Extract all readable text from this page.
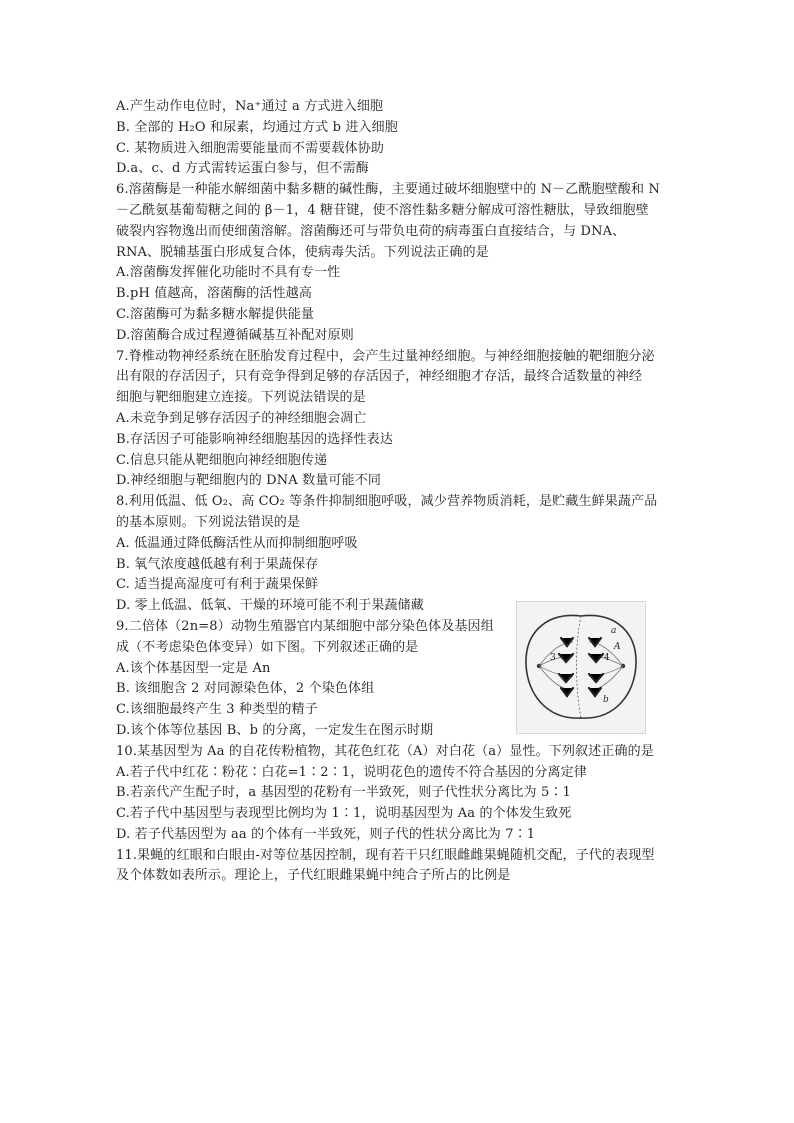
A.产生动作电位时，Na⁺通过 a 方式进入细胞
B. 全部的 H₂O 和尿素，均通过方式 b 进入细胞
C. 某物质进入细胞需要能量而不需要载体协助
D.a、c、d 方式需转运蛋白参与，但不需酶
6.溶菌酶是一种能水解细菌中黏多糖的碱性酶，主要通过破坏细胞壁中的 N－乙酰胞壁酸和 N
－乙酰氨基葡萄糖之间的 β－1，4 糖苷键，使不溶性黏多糖分解成可溶性糖肽，导致细胞壁
破裂内容物逸出而使细菌溶解。溶菌酶还可与带负电荷的病毒蛋白直接结合，与 DNA、
RNA、脱辅基蛋白形成复合体，使病毒失活。下列说法正确的是
A.溶菌酶发挥催化功能时不具有专一性
B.pH 值越高，溶菌酶的活性越高
C.溶菌酶可为黏多糖水解提供能量
D.溶菌酶合成过程遵循碱基互补配对原则
7.脊椎动物神经系统在胚胎发育过程中，会产生过量神经细胞。与神经细胞接触的靶细胞分泌
出有限的存活因子，只有竞争得到足够的存活因子，神经细胞才存活，最终合适数量的神经
细胞与靶细胞建立连接。下列说法错误的是
A.未竞争到足够存活因子的神经细胞会凋亡
B.存活因子可能影响神经细胞基因的选择性表达
C.信息只能从靶细胞向神经细胞传递
D.神经细胞与靶细胞内的 DNA 数量可能不同
8.利用低温、低 O₂、高 CO₂ 等条件抑制细胞呼吸，减少营养物质消耗，是贮藏生鲜果蔬产品
的基本原则。下列说法错误的是
A. 低温通过降低酶活性从而抑制细胞呼吸
B. 氧气浓度越低越有利于果蔬保存
C. 适当提高湿度可有利于蔬果保鲜
D. 零上低温、低氧、干燥的环境可能不利于果蔬储藏
9.二倍体（2n=8）动物生殖器官内某细胞中部分染色体及基因组
成（不考虑染色体变异）如下图。下列叙述正确的是
A.该个体基因型一定是 An
B. 该细胞含 2 对同源染色体，2 个染色体组
C.该细胞最终产生 3 种类型的精子
D.该个体等位基因 B、b 的分离，一定发生在图示时期
10.某基因型为 Aa 的自花传粉植物，其花色红花（A）对白花（a）显性。下列叙述正确的是
A.若子代中红花∶粉花∶白花=1∶2∶1，说明花色的遗传不符合基因的分离定律
B.若亲代产生配子时，a 基因型的花粉有一半致死，则子代性状分离比为 5∶1
C.若子代中基因型与表现型比例均为 1∶1，说明基因型为 Aa 的个体发生致死
D. 若子代基因型为 aa 的个体有一半致死，则子代的性状分离比为 7∶1
11.果蝇的红眼和白眼由-对等位基因控制，现有若干只红眼雌雌果蝇随机交配，子代的表现型
及个体数如表所示。理论上，子代红眼雌果蝇中纯合子所占的比例是
a
A
3	4
b
